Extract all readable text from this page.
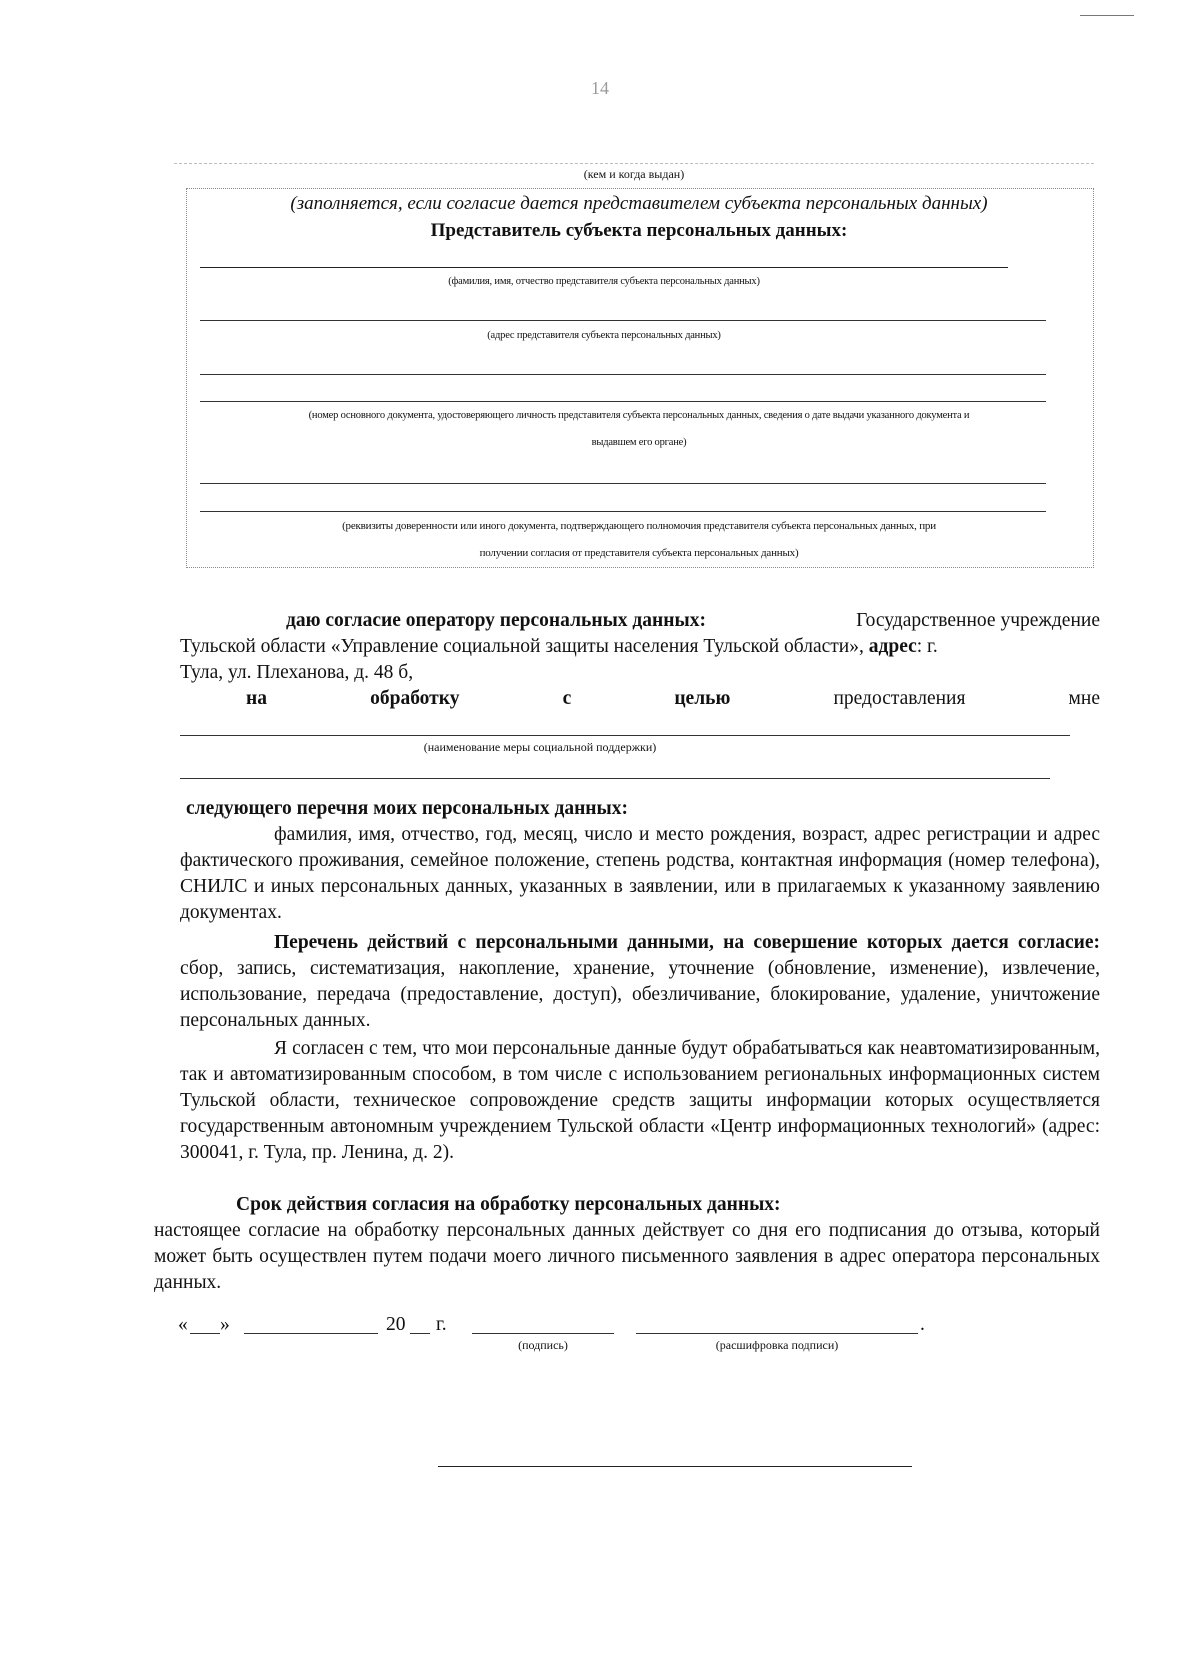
14
(кем и когда выдан)
(заполняется, если согласие дается представителем субъекта персональных данных)
Представитель субъекта персональных данных:
(фамилия, имя, отчество представителя субъекта персональных данных)
(адрес представителя субъекта персональных данных)
(номер основного документа, удостоверяющего личность представителя субъекта персональных данных, сведения о дате выдачи указанного документа и
выдавшем его органе)
(реквизиты доверенности или иного документа, подтверждающего полномочия представителя субъекта персональных данных, при
получении согласия от представителя субъекта персональных данных)
даю согласие оператору персональных данных:	Государственное учреждение
Тульской области «Управление социальной защиты населения Тульской области», адрес: г.
Тула, ул. Плеханова, д. 48 б,
на	обработку	с	целью	предоставления	мне
(наименование меры социальной поддержки)
следующего перечня моих персональных данных:
фамилия, имя, отчество, год, месяц, число и место рождения, возраст, адрес регистрации и адрес фактического проживания, семейное положение, степень родства, контактная информация (номер телефона), СНИЛС и иных персональных данных, указанных в заявлении, или в прилагаемых к указанному заявлению документах.
Перечень действий с персональными данными, на совершение которых дается согласие: сбор, запись, систематизация, накопление, хранение, уточнение (обновление, изменение), извлечение, использование, передача (предоставление, доступ), обезличивание, блокирование, удаление, уничтожение персональных данных.
Я согласен с тем, что мои персональные данные будут обрабатываться как неавтоматизированным, так и автоматизированным способом, в том числе с использованием региональных информационных систем Тульской области, техническое сопровождение средств защиты информации которых осуществляется государственным автономным учреждением Тульской области «Центр информационных технологий» (адрес: 300041, г. Тула, пр. Ленина, д. 2).
Срок действия согласия на обработку персональных данных:
настоящее согласие на обработку персональных данных действует со дня его подписания до отзыва, который может быть осуществлен путем подачи моего личного письменного заявления в адрес оператора персональных данных.
« »	20 г.	.
(подпись)	(расшифровка подписи)
